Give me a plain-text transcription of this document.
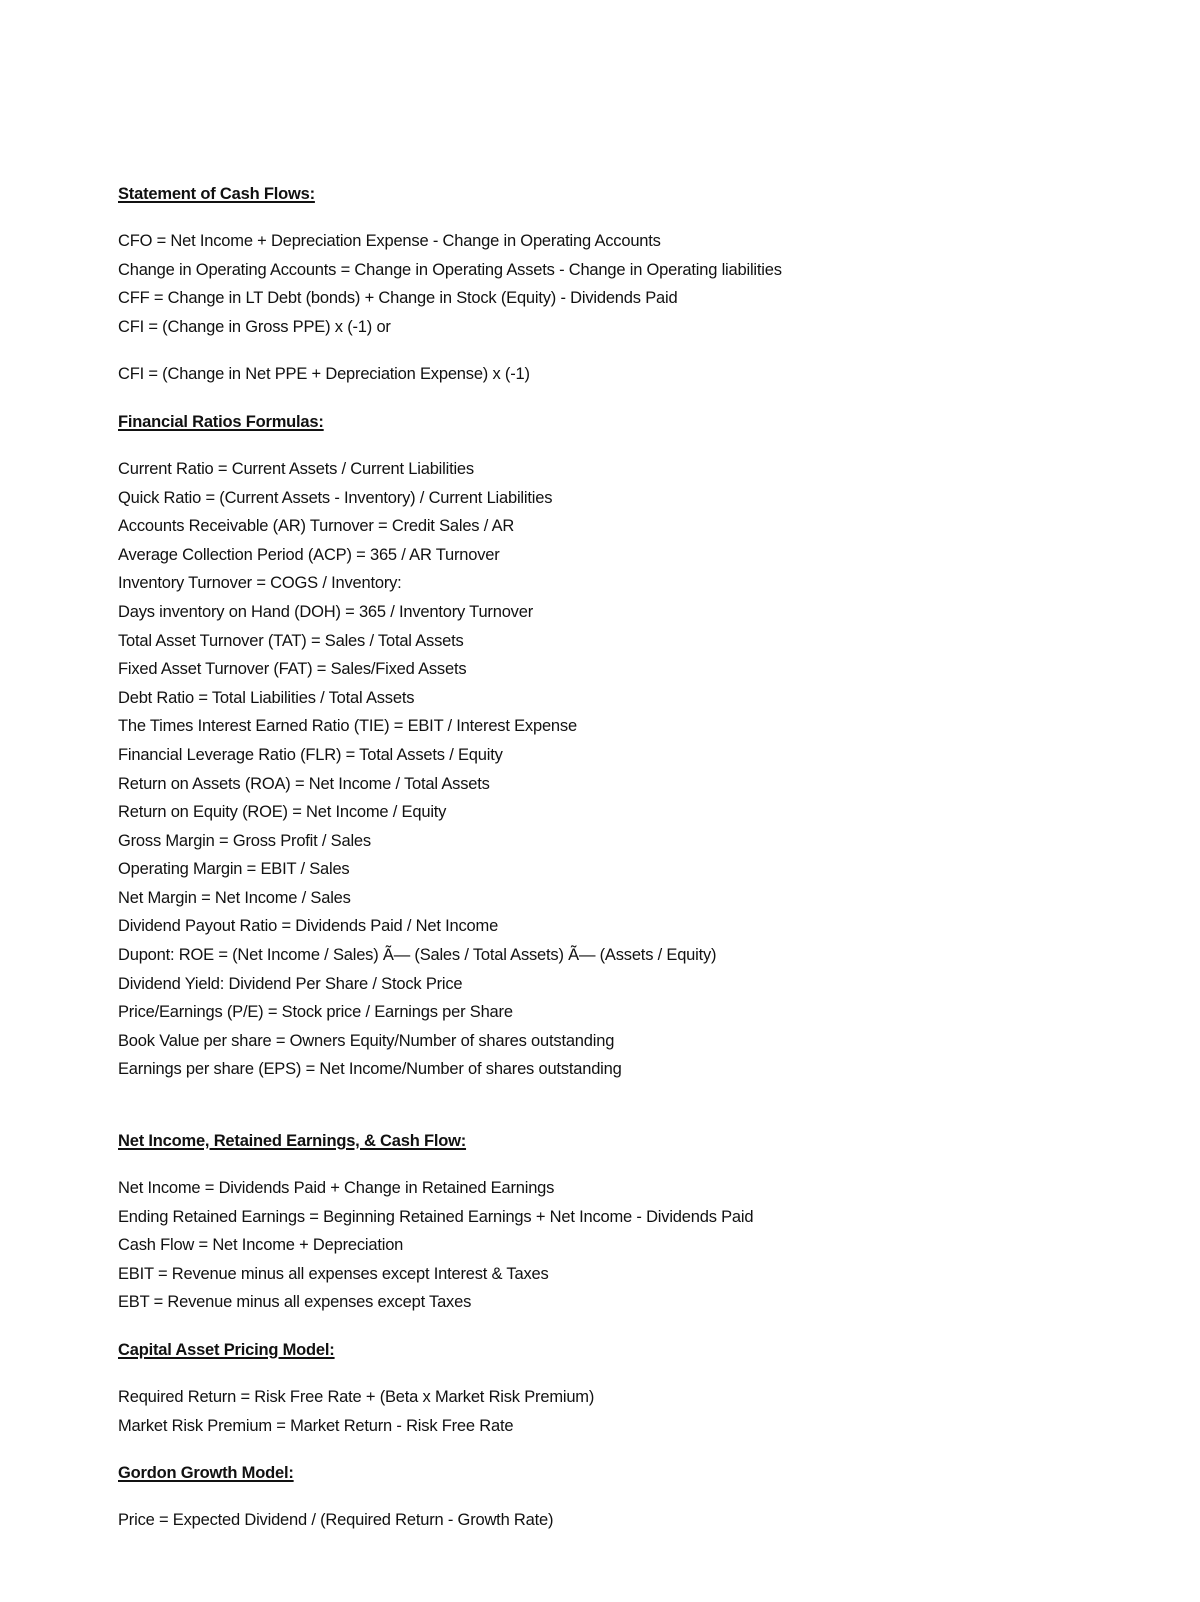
Statement of Cash Flows:
CFO = Net Income + Depreciation Expense - Change in Operating Accounts
Change in Operating Accounts = Change in Operating Assets - Change in Operating liabilities
CFF = Change in LT Debt (bonds) + Change in Stock (Equity) - Dividends Paid
CFI = (Change in Gross PPE) x (-1) or
CFI = (Change in Net PPE + Depreciation Expense) x (-1)
Financial Ratios Formulas:
Current Ratio = Current Assets / Current Liabilities
Quick Ratio = (Current Assets - Inventory) / Current Liabilities
Accounts Receivable (AR) Turnover = Credit Sales / AR
Average Collection Period (ACP) = 365 / AR Turnover
Inventory Turnover = COGS / Inventory:
Days inventory on Hand (DOH) = 365 / Inventory Turnover
Total Asset Turnover (TAT) = Sales / Total Assets
Fixed Asset Turnover (FAT) = Sales/Fixed Assets
Debt Ratio = Total Liabilities / Total Assets
The Times Interest Earned Ratio (TIE) = EBIT / Interest Expense
Financial Leverage Ratio (FLR) = Total Assets / Equity
Return on Assets (ROA) = Net Income / Total Assets
Return on Equity (ROE) = Net Income / Equity
Gross Margin = Gross Profit / Sales
Operating Margin = EBIT / Sales
Net Margin = Net Income / Sales
Dividend Payout Ratio = Dividends Paid / Net Income
Dupont: ROE = (Net Income / Sales) Ã— (Sales / Total Assets) Ã— (Assets / Equity)
Dividend Yield: Dividend Per Share / Stock Price
Price/Earnings (P/E) = Stock price / Earnings per Share
Book Value per share = Owners Equity/Number of shares outstanding
Earnings per share (EPS) = Net Income/Number of shares outstanding
Net Income, Retained Earnings, & Cash Flow:
Net Income = Dividends Paid + Change in Retained Earnings
Ending Retained Earnings = Beginning Retained Earnings + Net Income - Dividends Paid
Cash Flow = Net Income + Depreciation
EBIT = Revenue minus all expenses except Interest & Taxes
EBT = Revenue minus all expenses except Taxes
Capital Asset Pricing Model:
Required Return = Risk Free Rate + (Beta x Market Risk Premium)
Market Risk Premium = Market Return - Risk Free Rate
Gordon Growth Model:
Price = Expected Dividend / (Required Return - Growth Rate)
